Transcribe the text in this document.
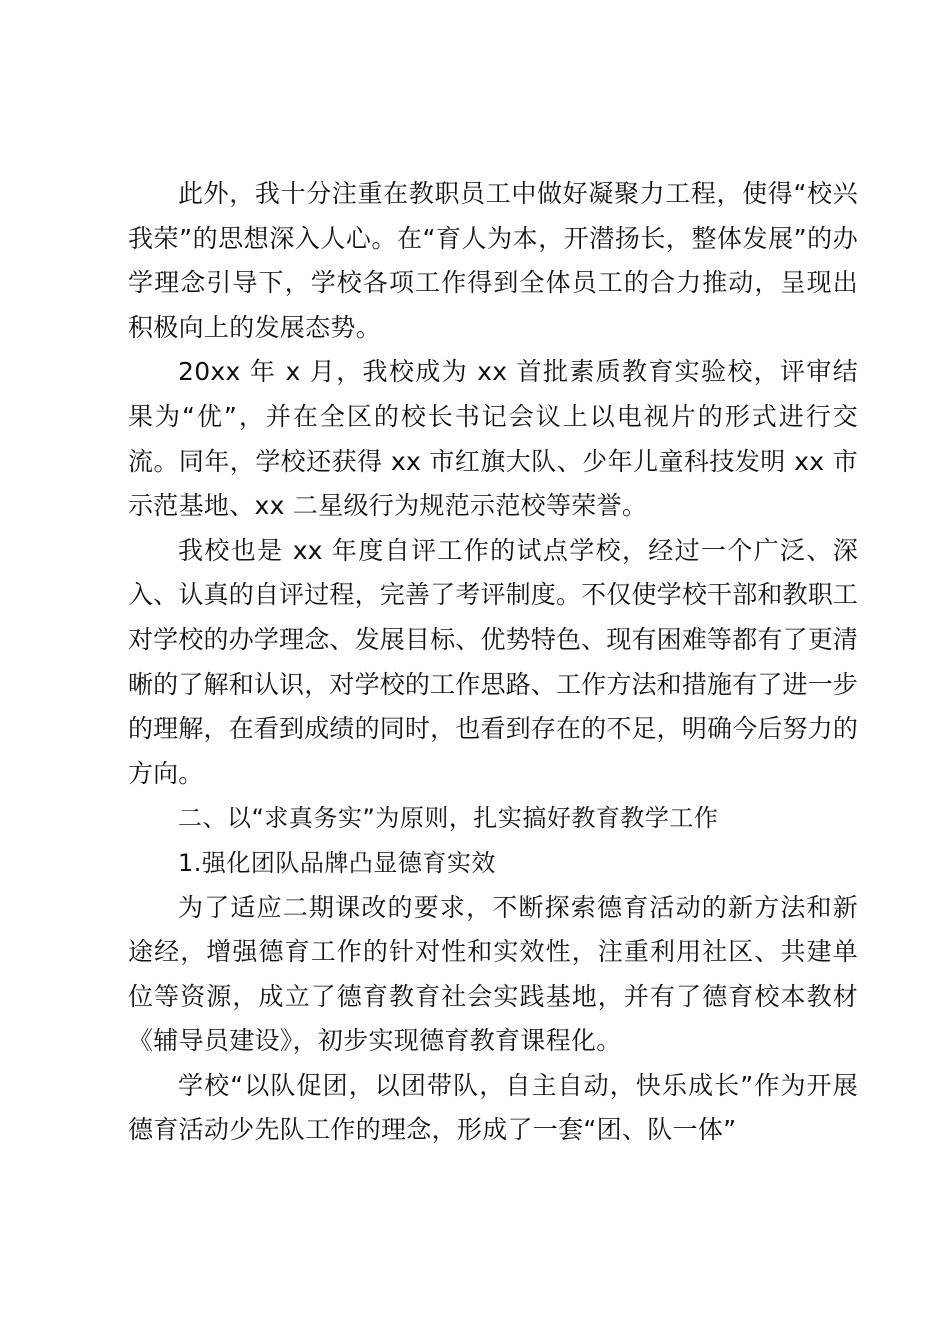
此外，我十分注重在教职员工中做好凝聚力工程，使得“校兴我荣”的思想深入人心。在“育人为本，开潜扬长，整体发展”的办学理念引导下，学校各项工作得到全体员工的合力推动，呈现出积极向上的发展态势。

20xx 年 x 月，我校成为 xx 首批素质教育实验校，评审结果为“优”，并在全区的校长书记会议上以电视片的形式进行交流。同年，学校还获得 xx 市红旗大队、少年儿童科技发明 xx 市示范基地、xx 二星级行为规范示范校等荣誉。

我校也是 xx 年度自评工作的试点学校，经过一个广泛、深入、认真的自评过程，完善了考评制度。不仅使学校干部和教职工对学校的办学理念、发展目标、优势特色、现有困难等都有了更清晰的了解和认识，对学校的工作思路、工作方法和措施有了进一步的理解，在看到成绩的同时，也看到存在的不足，明确今后努力的方向。

二、以“求真务实”为原则，扎实搞好教育教学工作

1.强化团队品牌凸显德育实效

为了适应二期课改的要求，不断探索德育活动的新方法和新途经，增强德育工作的针对性和实效性，注重利用社区、共建单位等资源，成立了德育教育社会实践基地，并有了德育校本教材《辅导员建设》，初步实现德育教育课程化。

学校“以队促团，以团带队，自主自动，快乐成长”作为开展德育活动少先队工作的理念，形成了一套“团、队一体”
